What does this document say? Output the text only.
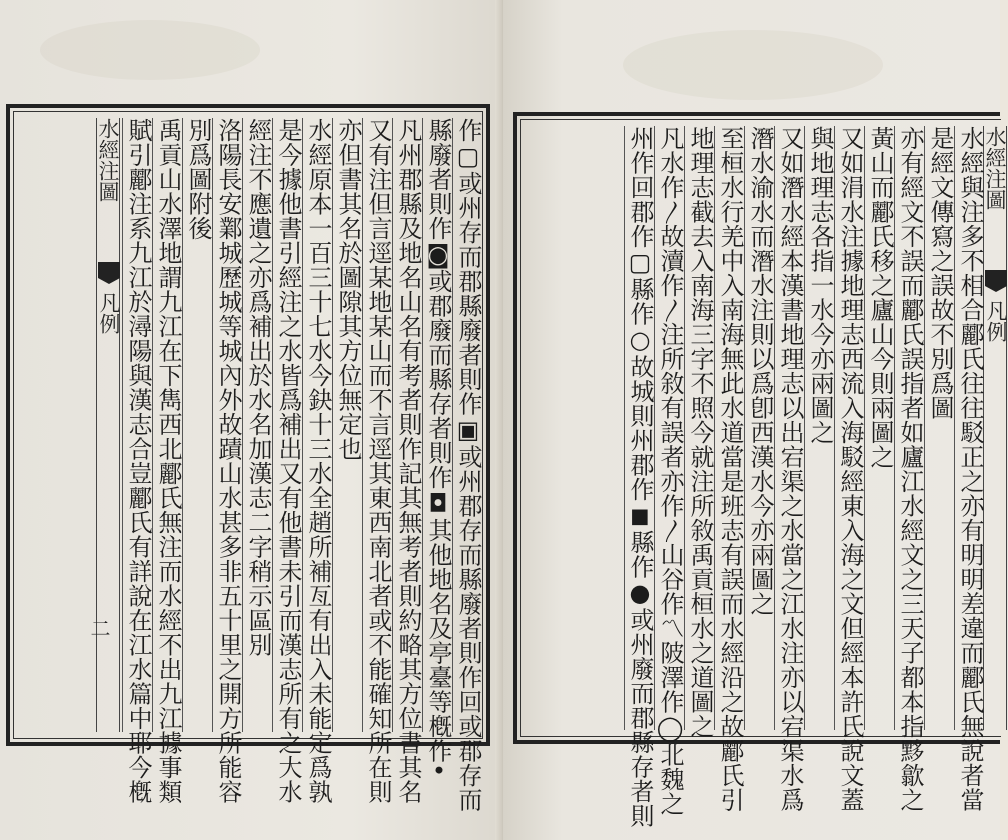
作▢或州存而郡縣廢者則作▣或州郡存而縣廢者則作回或郡存而
縣廢者則作◙或郡廢而縣存者則作◘其他地名及亭臺等槪作•
凡州郡縣及地名山名有考者則作記其無考者則約略其方位書其名
又有注但言逕某地某山而不言逕其東西南北者或不能確知所在則
亦但書其名於圖隙其方位無定也
水經原本一百三十七水今鈌十三水全趙所補亙有出入未能定爲孰
是今據他書引經注之水皆爲補出又有他書未引而漢志所有之大水
經注不應遺之亦爲補出於水名加漢志二字稍示區別
洛陽長安鄴城歷城等城內外故蹟山水甚多非五十里之開方所能容
別爲圖附後
禹貢山水澤地謂九江在下雋西北酈氏無注而水經不出九江據事類
賦引酈注系九江於潯陽與漢志合豈酈氏有詳說在江水篇中耶今槪
水經注圖
凡例
二
水經注圖
凡例
水經與注多不相合酈氏往往駁正之亦有明明差違而酈氏無說者當
是經文傳寫之誤故不別爲圖
亦有經文不誤而酈氏誤指者如廬江水經文之三天子都本指黟歙之
黃山而酈氏移之廬山今則兩圖之
又如涓水注據地理志西流入海駁經東入海之文但經本許氏說文蓋
與地理志各指一水今亦兩圖之
又如潛水經本漢書地理志以出宕渠之水當之江水注亦以宕渠水爲
潛水渝水而潛水注則以爲卽西漢水今亦兩圖之
至桓水行羌中入南海無此水道當是班志有誤而水經沿之故酈氏引
地理志截去入南海三字不照今就注所敘禹貢桓水之道圖之
凡水作〳故瀆作〳注所敘有誤者亦作〳山谷作〽陂澤作◯北魏之
州作回郡作▢縣作○故城則州郡作◼縣作●或州廢而郡縣存者則
